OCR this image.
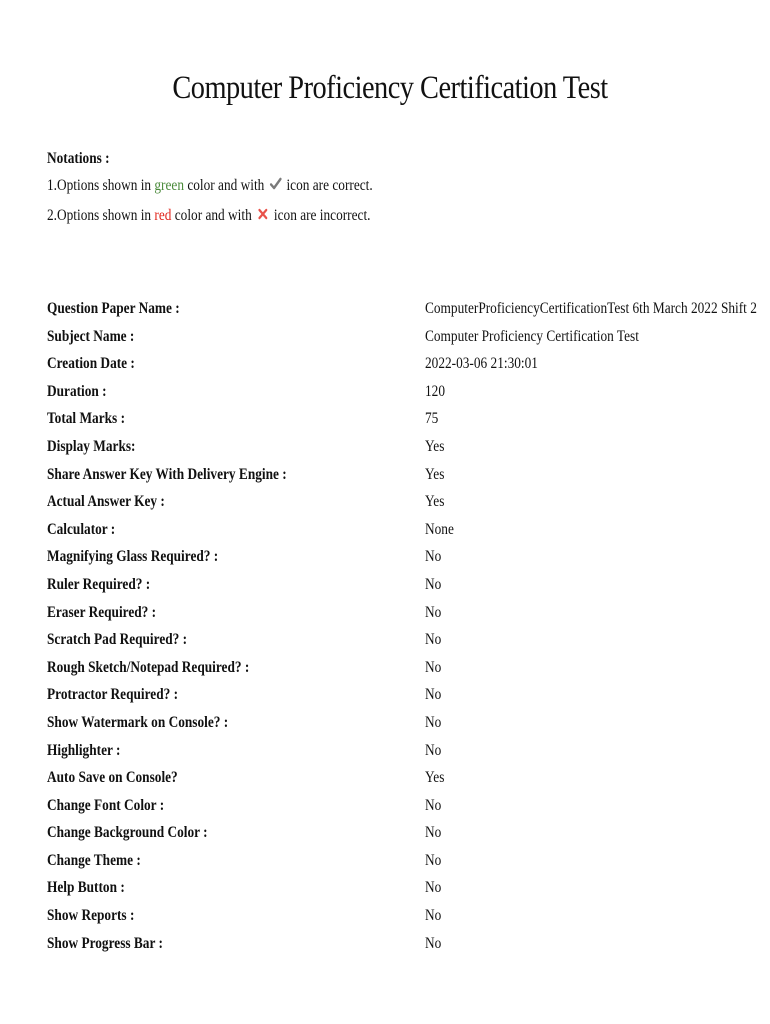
Computer Proficiency Certification Test
Notations :
1.Options shown in green color and with  icon are correct.
2.Options shown in red color and with  icon are incorrect.
Question Paper Name :	ComputerProficiencyCertificationTest 6th March 2022 Shift 2
Subject Name :	Computer Proficiency Certification Test
Creation Date :	2022-03-06 21:30:01
Duration :	120
Total Marks :	75
Display Marks:	Yes
Share Answer Key With Delivery Engine :	Yes
Actual Answer Key :	Yes
Calculator :	None
Magnifying Glass Required? :	No
Ruler Required? :	No
Eraser Required? :	No
Scratch Pad Required? :	No
Rough Sketch/Notepad Required? :	No
Protractor Required? :	No
Show Watermark on Console? :	No
Highlighter :	No
Auto Save on Console?	Yes
Change Font Color :	No
Change Background Color :	No
Change Theme :	No
Help Button :	No
Show Reports :	No
Show Progress Bar :	No
